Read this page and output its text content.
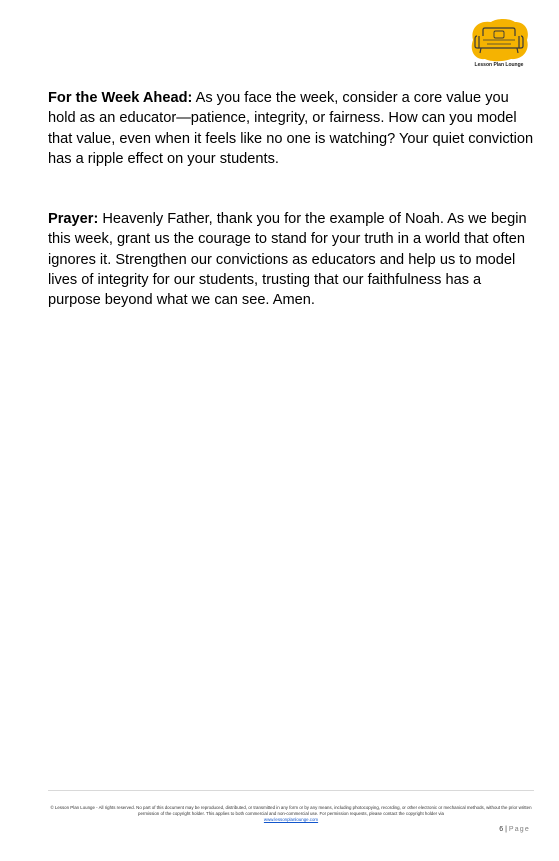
Lesson Plan Lounge

For the Week Ahead: As you face the week, consider a core value you hold as an educator—patience, integrity, or fairness. How can you model that value, even when it feels like no one is watching? Your quiet conviction has a ripple effect on your students.

Prayer: Heavenly Father, thank you for the example of Noah. As we begin this week, grant us the courage to stand for your truth in a world that often ignores it. Strengthen our convictions as educators and help us to model lives of integrity for our students, trusting that our faithfulness has a purpose beyond what we can see. Amen.

© Lesson Plan Lounge - All rights reserved. No part of this document may be reproduced, distributed, or transmitted in any form or by any means, including photocopying, recording, or other electronic or mechanical methods, without the prior written permission of the copyright holder. This applies to both commercial and non-commercial use. For permission requests, please contact the copyright holder via
www.lessonplanlounge.com
6 | Page
